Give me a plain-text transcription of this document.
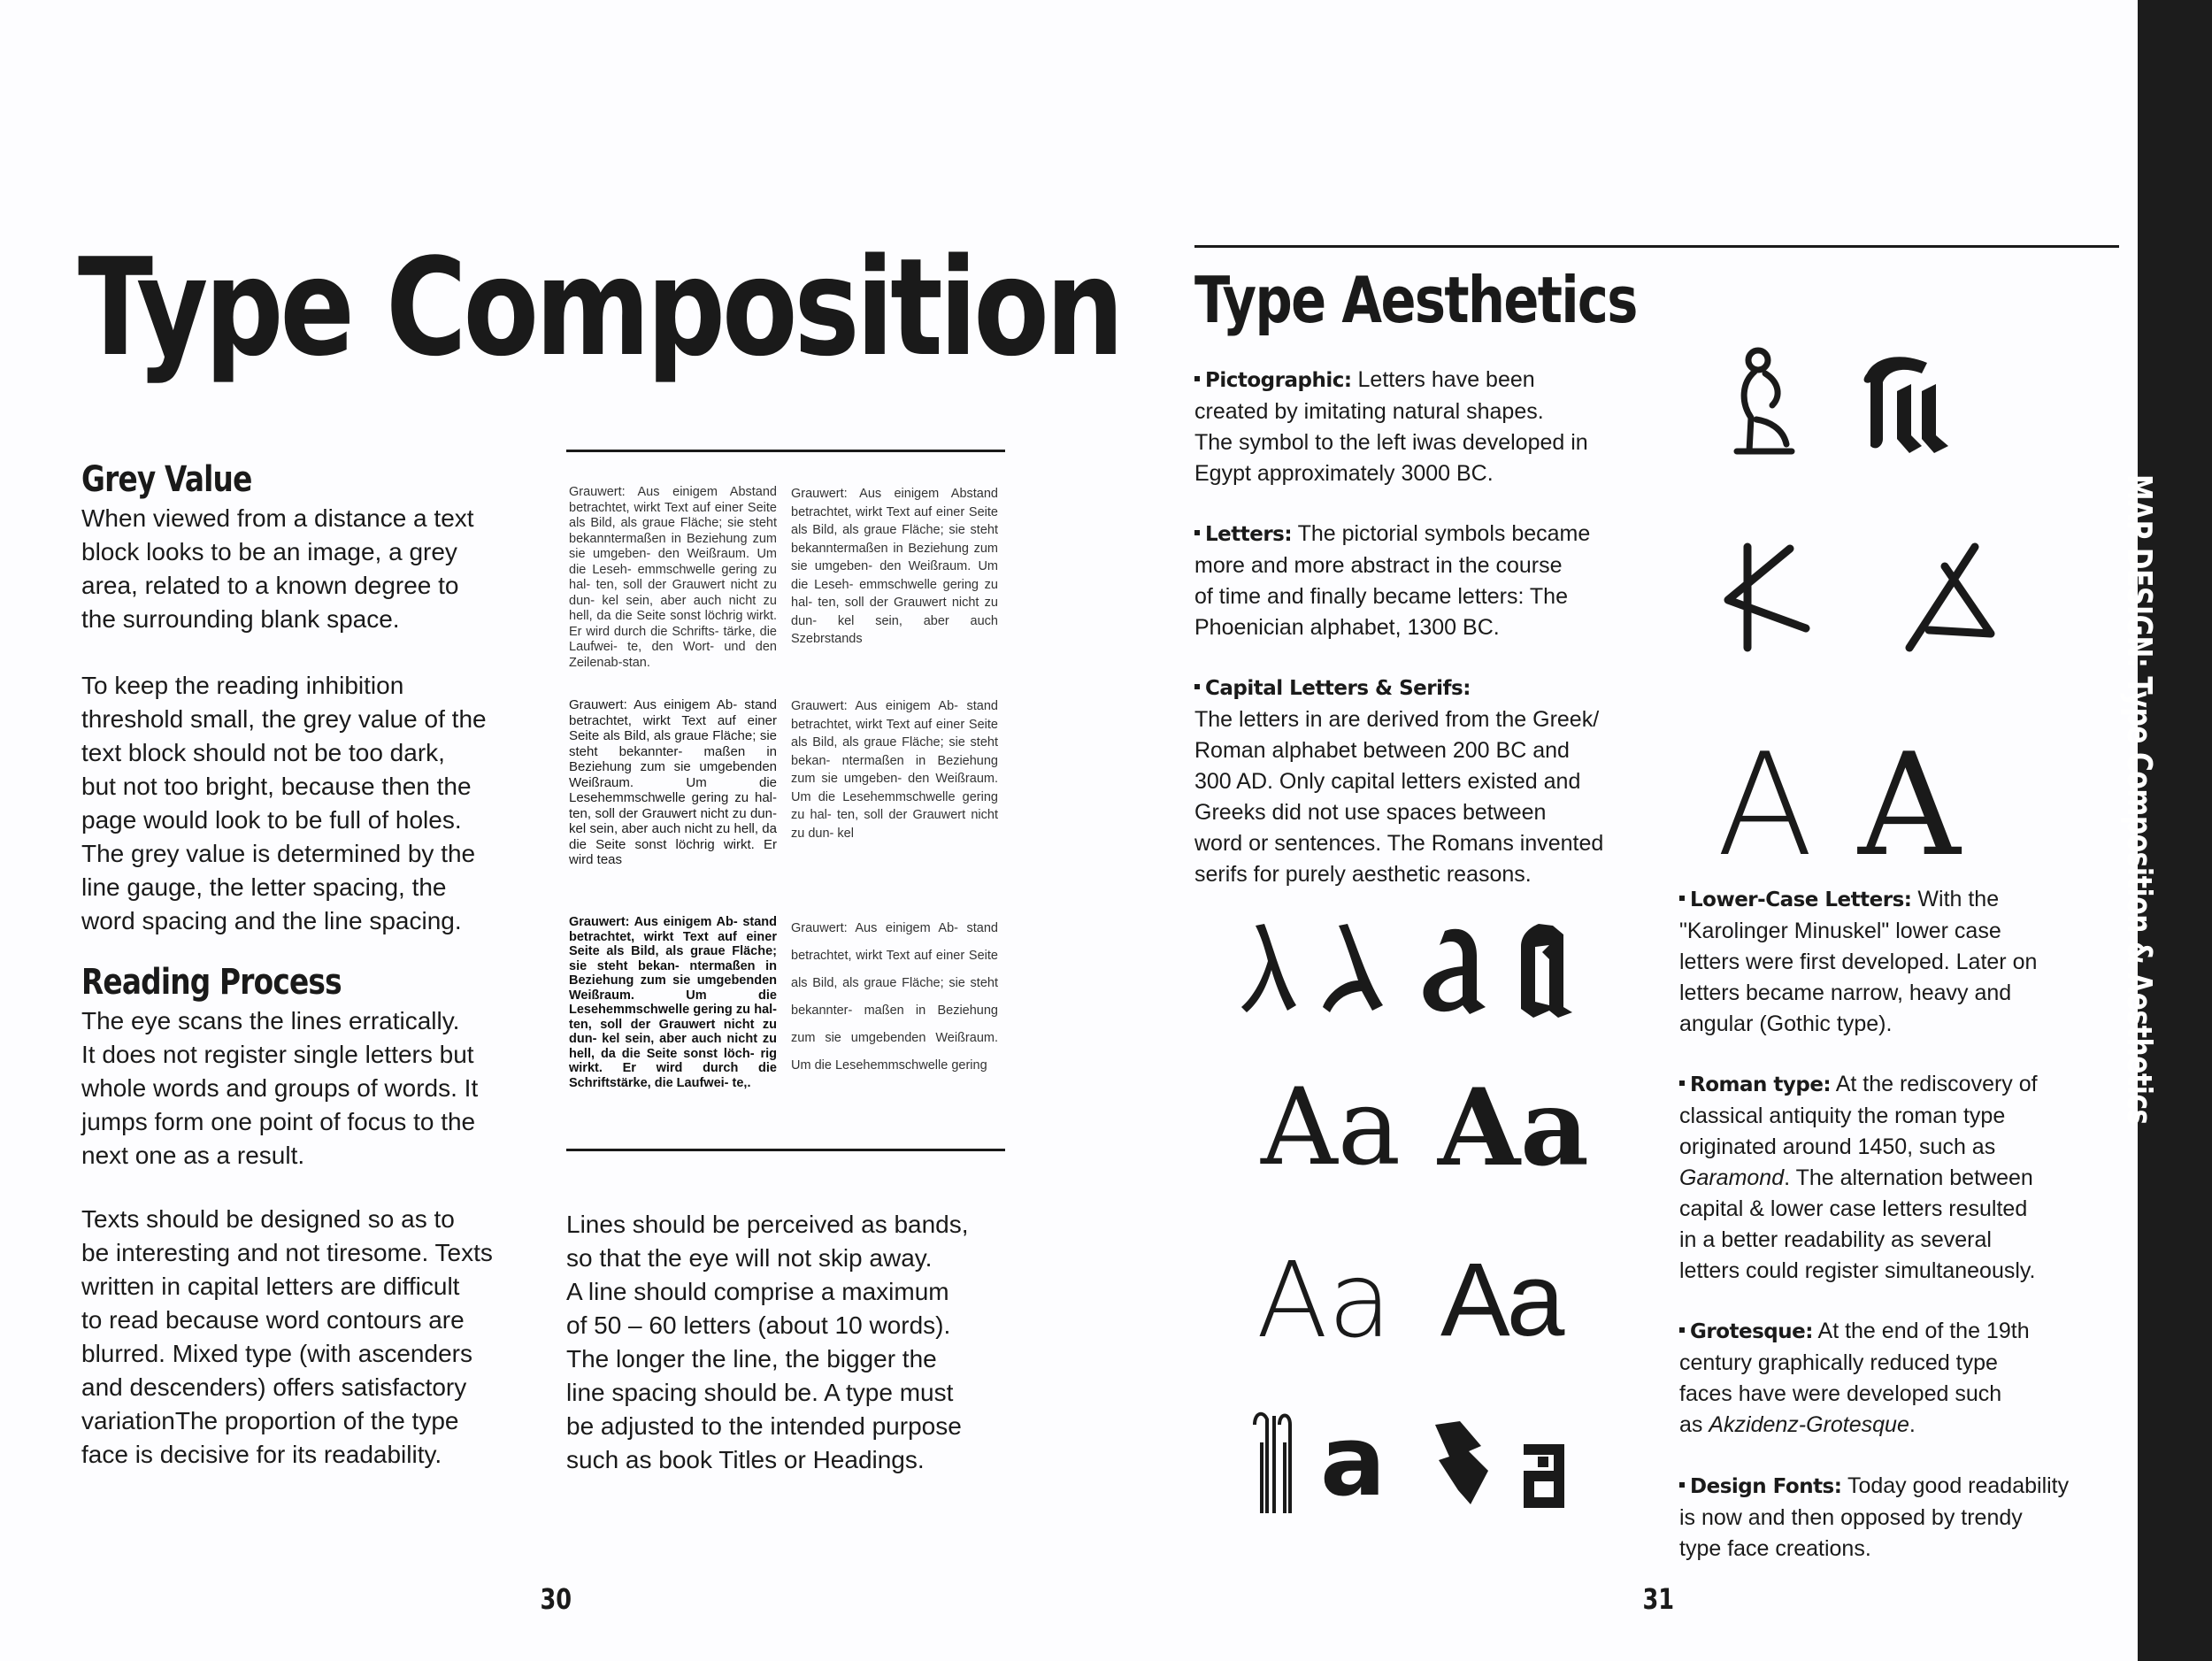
Type Composition
Grey Value
When viewed from a distance a text
block looks to be an image, a grey
area, related to a known degree to
the surrounding blank space.
To keep the reading inhibition
threshold small, the grey value of the
text block should not be too dark,
but not too bright, because then the
page would look to be full of holes.
The grey value is determined by the
line gauge, the letter spacing, the
word spacing and the line spacing.
Reading Process
The eye scans the lines erratically.
It does not register single letters but
whole words and groups of words. It
jumps form one point of focus to the
next one as a result.
Texts should be designed so as to
be interesting and not tiresome. Texts
written in capital letters are difficult
to read because word contours are
blurred. Mixed type (with ascenders
and descenders) offers satisfactory
variationThe proportion of the type
face is decisive for its readability.
Grauwert: Aus einigem Abstand betrachtet, wirkt Text auf einer Seite als Bild, als graue Fläche; sie steht bekanntermaßen in Beziehung zum sie umgeben- den Weißraum. Um die Leseh- emmschwelle gering zu hal- ten, soll der Grauwert nicht zu dun- kel sein, aber auch nicht zu hell, da die Seite sonst löchrig wirkt. Er wird durch die Schrifts- tärke, die Laufwei- te, den Wort- und den Zeilenab-stan.
Grauwert: Aus einigem Abstand betrachtet, wirkt Text auf einer Seite als Bild, als graue Fläche; sie steht bekanntermaßen in Beziehung zum sie umgeben- den Weißraum. Um die Leseh- emmschwelle gering zu hal- ten, soll der Grauwert nicht zu dun- kel sein, aber auch Szebrstands
Grauwert: Aus einigem Ab- stand betrachtet, wirkt Text auf einer Seite als Bild, als graue Fläche; sie steht bekannter- maßen in Beziehung zum sie umgebenden Weißraum. Um die Lesehemmschwelle gering zu hal- ten, soll der Grauwert nicht zu dun- kel sein, aber auch nicht zu hell, da die Seite sonst löchrig wirkt. Er wird teas
Grauwert: Aus einigem Ab- stand betrachtet, wirkt Text auf einer Seite als Bild, als graue Fläche; sie steht bekan- ntermaßen in Beziehung zum sie umgeben- den Weißraum. Um die Lesehemmschwelle gering zu hal- ten, soll der Grauwert nicht zu dun- kel
Grauwert: Aus einigem Ab- stand betrachtet, wirkt Text auf einer Seite als Bild, als graue Fläche; sie steht bekan- ntermaßen in Beziehung zum sie umgebenden Weißraum. Um die Lesehemmschwelle gering zu hal- ten, soll der Grauwert nicht zu dun- kel sein, aber auch nicht zu hell, da die Seite sonst löch- rig wirkt. Er wird durch die Schriftstärke, die Laufwei- te,.
Grauwert: Aus einigem Ab- stand betrachtet, wirkt Text auf einer Seite als Bild, als graue Fläche; sie steht bekannter- maßen in Beziehung zum sie umgebenden Weißraum. Um die Lesehemmschwelle gering
Lines should be perceived as bands,
so that the eye will not skip away.
A line should comprise a maximum
of 50 – 60 letters (about 10 words).
The longer the line, the bigger the
line spacing should be. A type must
be adjusted to the intended purpose
such as book Titles or Headings.
30
Type Aesthetics
Pictographic: Letters have been
created by imitating natural shapes.
The symbol to the left iwas developed in
Egypt approximately 3000 BC.
Letters: The pictorial symbols became
more and more abstract in the course
of time and finally became letters: The
Phoenician alphabet, 1300 BC.
Capital Letters & Serifs:
The letters in are derived from the Greek/
Roman alphabet between 200 BC and
300 AD. Only capital letters existed and
Greeks did not use spaces between
word or sentences. The Romans invented
serifs for purely aesthetic reasons.
Lower-Case Letters: With the
"Karolinger Minuskel" lower case
letters were first developed. Later on
letters became narrow, heavy and
angular (Gothic type).
Roman type: At the rediscovery of
classical antiquity the roman type
originated around 1450, such as
Garamond. The alternation between
capital & lower case letters resulted
in a better readability as several
letters could register simultaneously.
Grotesque: At the end of the 19th
century graphically reduced type
faces have were developed such
as Akzidenz-Grotesque.
Design Fonts: Today good readability
is now and then opposed by trendy
type face creations.
A A
Aa Aa
Aa Aa
a
31
MAP DESIGN: Type Composition & Aesthetics
